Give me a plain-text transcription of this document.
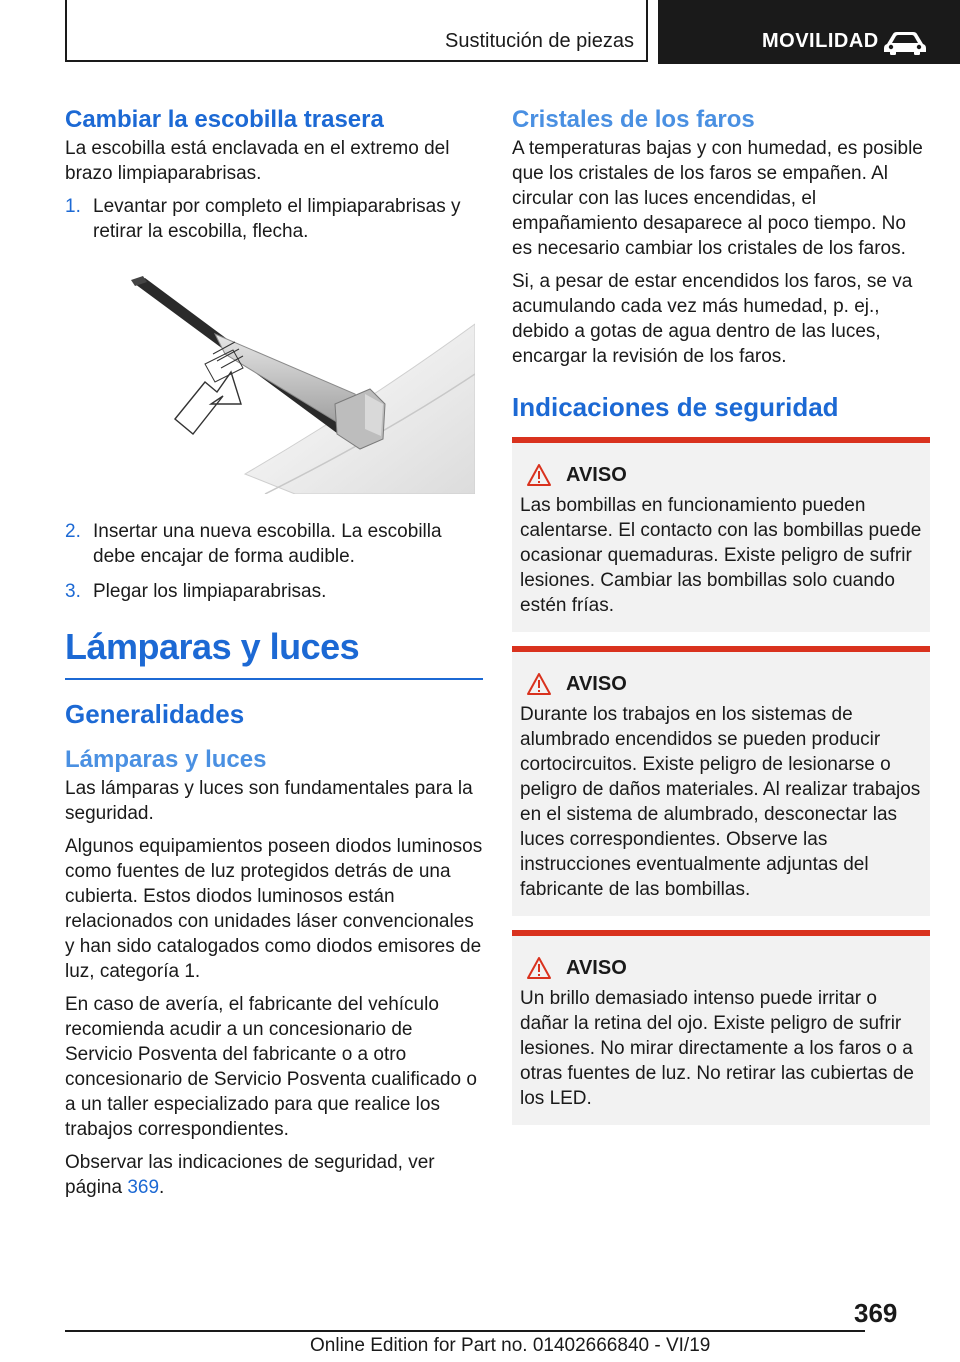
Sustitución de piezas	MOVILIDAD
Cambiar la escobilla trasera

La escobilla está enclavada en el extremo del brazo limpiaparabrisas.

1. Levantar por completo el limpiaparabrisas y retirar la escobilla, flecha.
2. Insertar una nueva escobilla. La escobilla debe encajar de forma audible.
3. Plegar los limpiaparabrisas.
Lámparas y luces
Generalidades
Lámparas y luces

Las lámparas y luces son fundamentales para la seguridad.

Algunos equipamientos poseen diodos luminosos como fuentes de luz protegidos detrás de una cubierta. Estos diodos luminosos están relacionados con unidades láser convencionales y han sido catalogados como diodos emisores de luz, categoría 1.

En caso de avería, el fabricante del vehículo recomienda acudir a un concesionario de Servicio Posventa del fabricante o a otro concesionario de Servicio Posventa cualificado o a un taller especializado para que realice los trabajos correspondientes.

Observar las indicaciones de seguridad, ver página 369.

Cristales de los faros

A temperaturas bajas y con humedad, es posible que los cristales de los faros se empañen. Al circular con las luces encendidas, el empañamiento desaparece al poco tiempo. No es necesario cambiar los cristales de los faros.

Si, a pesar de estar encendidos los faros, se va acumulando cada vez más humedad, p. ej., debido a gotas de agua dentro de las luces, encargar la revisión de los faros.

Indicaciones de seguridad
AVISO

Las bombillas en funcionamiento pueden calentarse. El contacto con las bombillas puede ocasionar quemaduras. Existe peligro de sufrir lesiones. Cambiar las bombillas solo cuando estén frías.

AVISO

Durante los trabajos en los sistemas de alumbrado encendidos se pueden producir cortocircuitos. Existe peligro de lesionarse o peligro de daños materiales. Al realizar trabajos en el sistema de alumbrado, desconectar las luces correspondientes. Observe las instrucciones eventualmente adjuntas del fabricante de las bombillas.

AVISO

Un brillo demasiado intenso puede irritar o dañar la retina del ojo. Existe peligro de sufrir lesiones. No mirar directamente a los faros o a otras fuentes de luz. No retirar las cubiertas de los LED.

369
Online Edition for Part no. 01402666840 - VI/19
